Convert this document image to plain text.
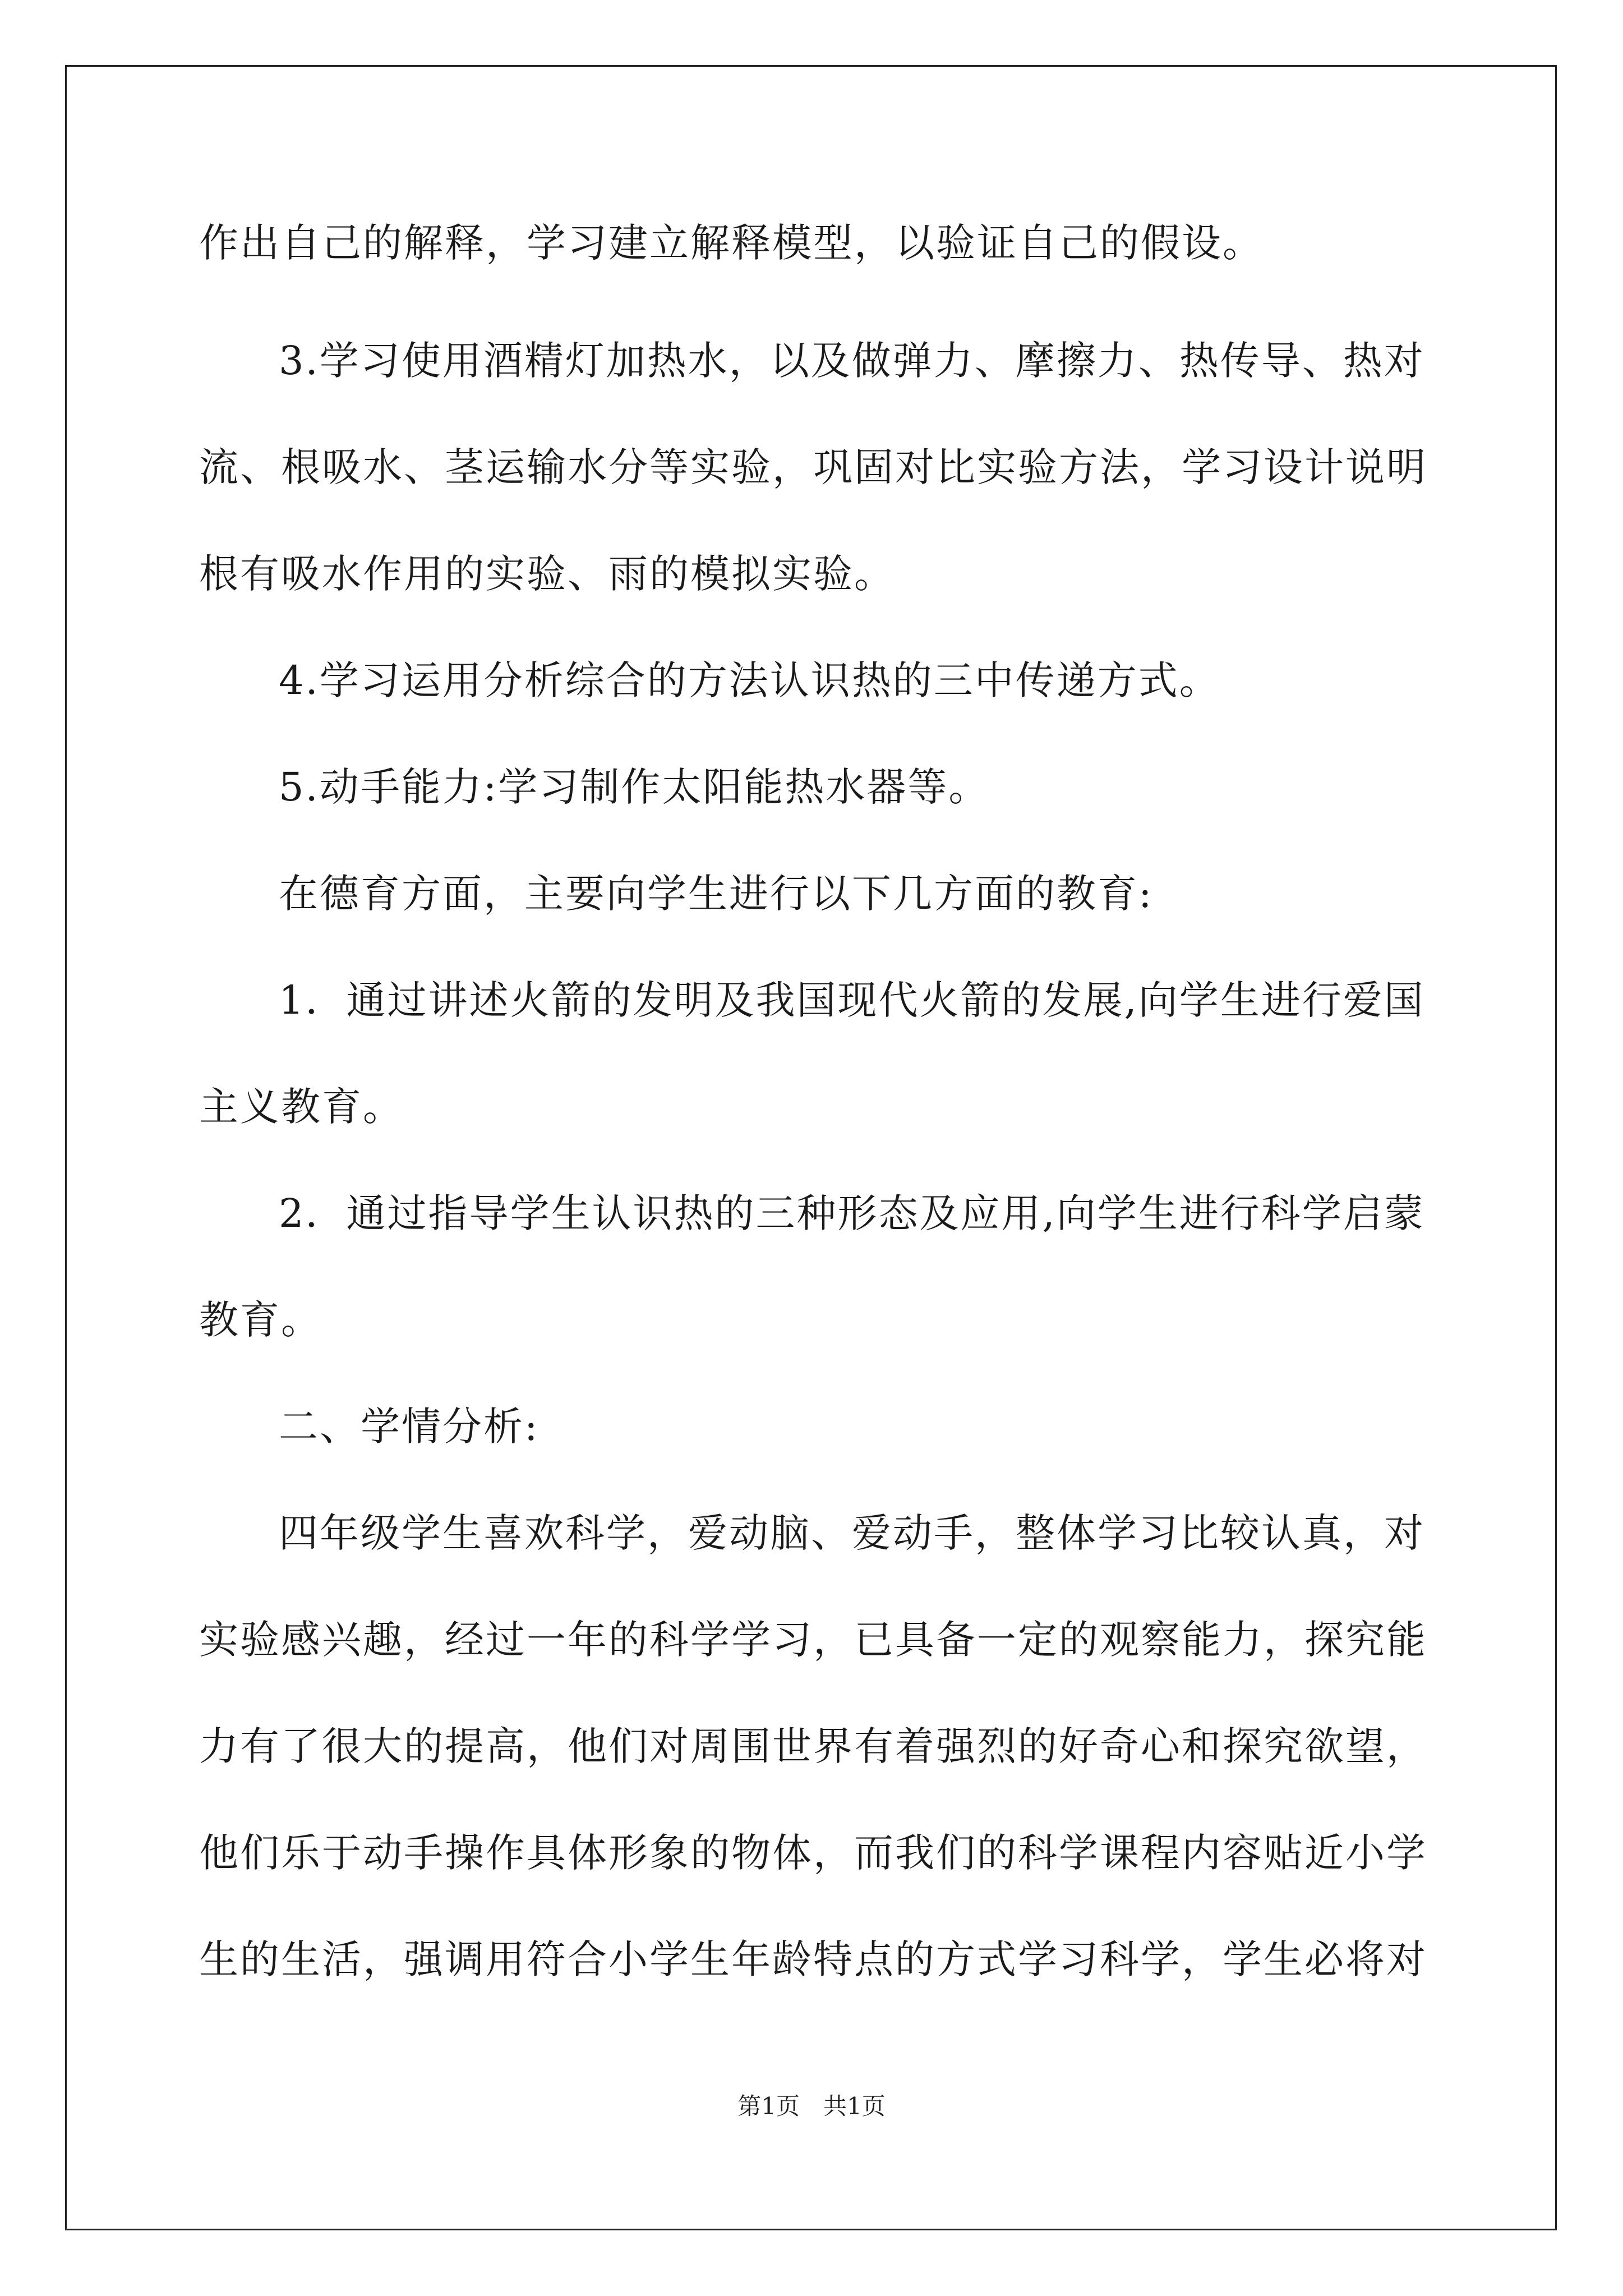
作出自己的解释，学习建立解释模型，以验证自己的假设。

3.学习使用酒精灯加热水，以及做弹力、摩擦力、热传导、热对

流、根吸水、茎运输水分等实验，巩固对比实验方法，学习设计说明

根有吸水作用的实验、雨的模拟实验。

4.学习运用分析综合的方法认识热的三中传递方式。

5.动手能力:学习制作太阳能热水器等。

在德育方面，主要向学生进行以下几方面的教育:

1．通过讲述火箭的发明及我国现代火箭的发展,向学生进行爱国

主义教育。

2．通过指导学生认识热的三种形态及应用,向学生进行科学启蒙

教育。

二、学情分析:

四年级学生喜欢科学，爱动脑、爱动手，整体学习比较认真，对

实验感兴趣，经过一年的科学学习，已具备一定的观察能力，探究能

力有了很大的提高，他们对周围世界有着强烈的好奇心和探究欲望，

他们乐于动手操作具体形象的物体，而我们的科学课程内容贴近小学

生的生活，强调用符合小学生年龄特点的方式学习科学，学生必将对

第1页　共1页
